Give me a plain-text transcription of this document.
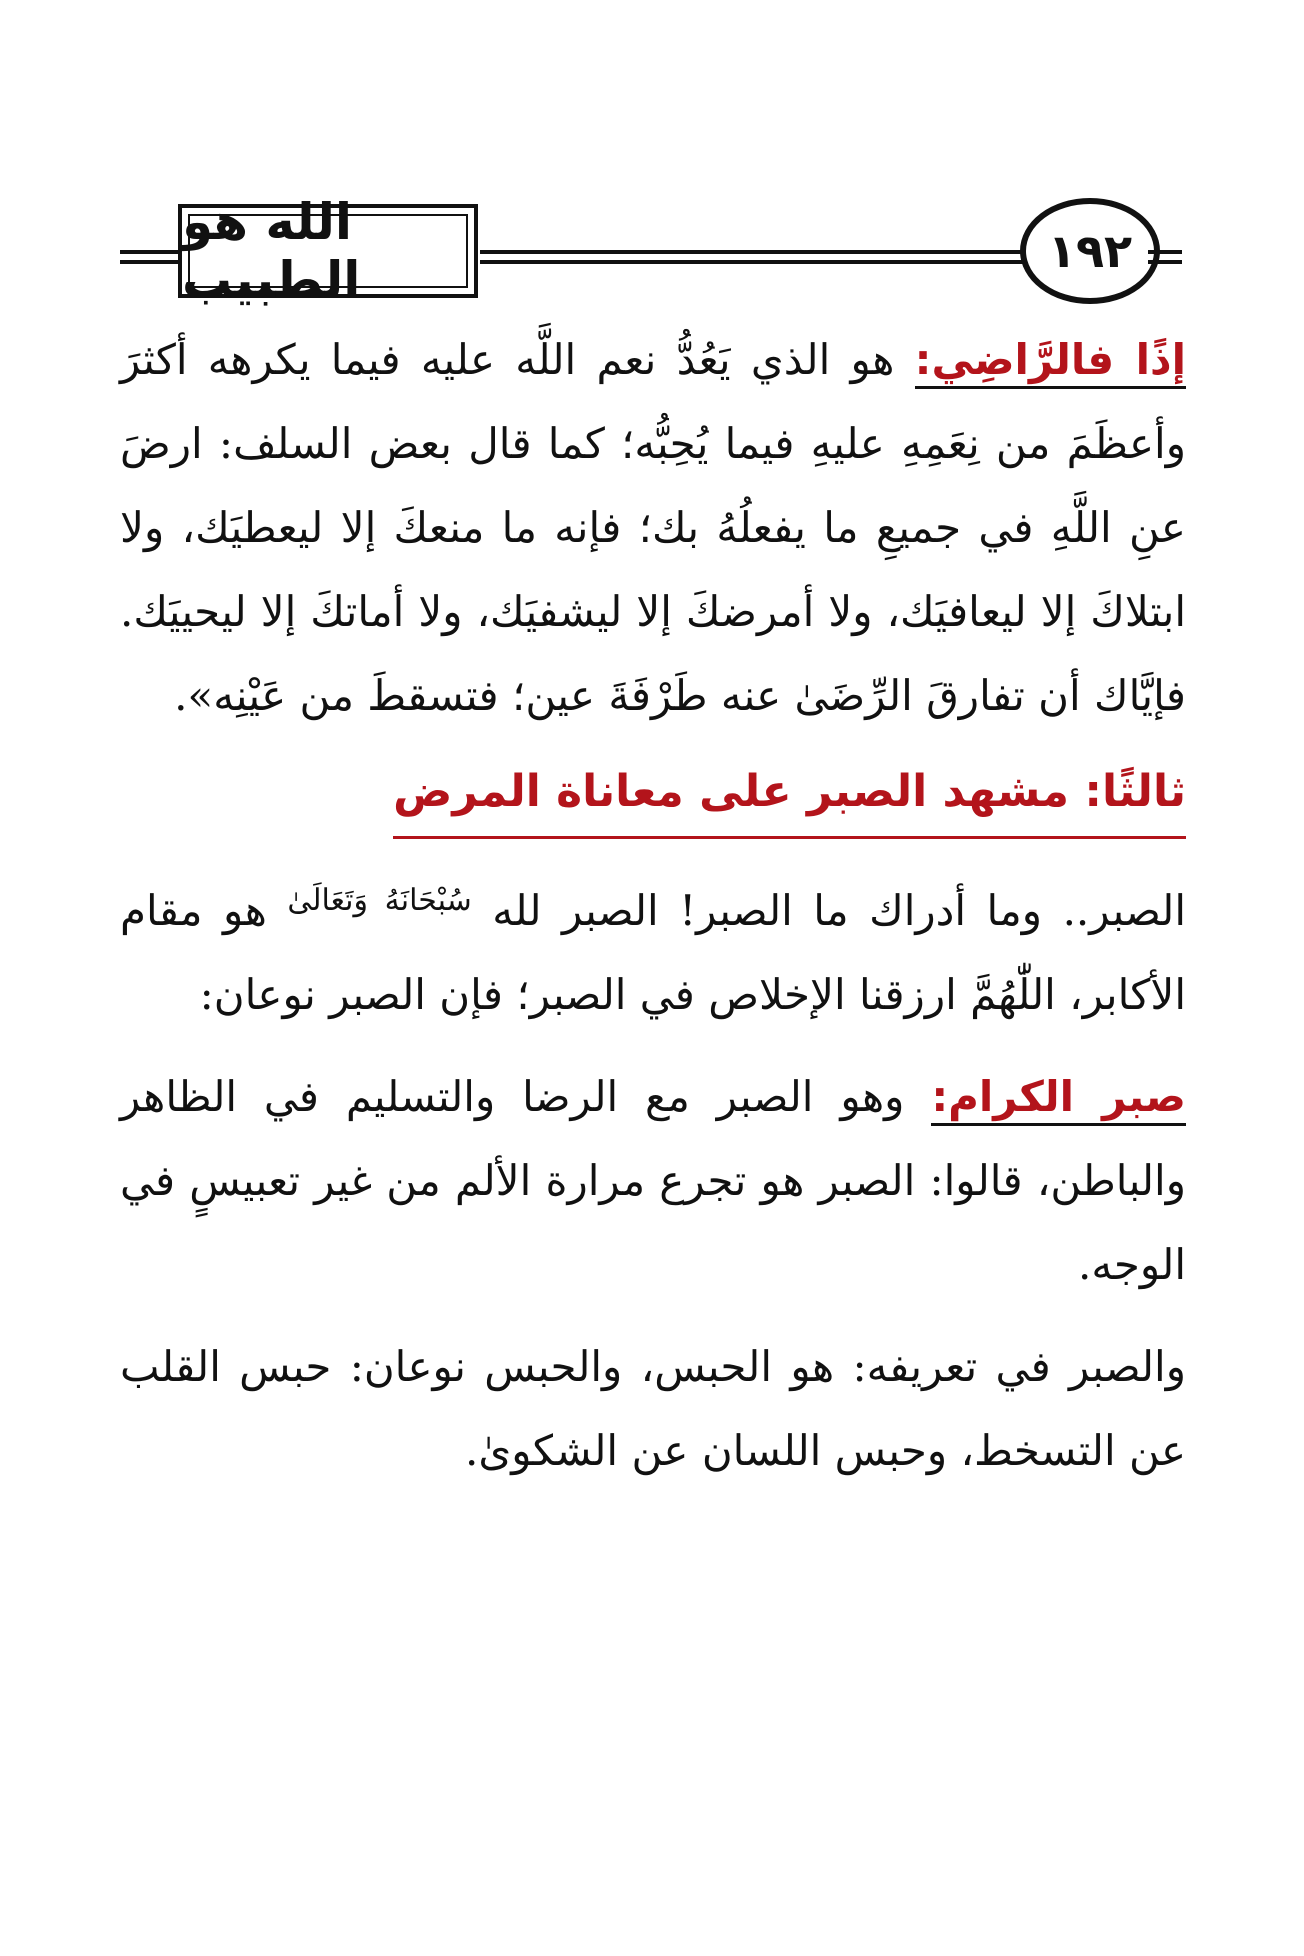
الله هو الطبيب	١٩٢

إذًا فالرَّاضِي: هو الذي يَعُدُّ نعم اللَّه عليه فيما يكرهه أكثرَ وأعظَمَ من نِعَمِهِ عليهِ فيما يُحِبُّه؛ كما قال بعض السلف: ارضَ عنِ اللَّهِ في جميعِ ما يفعلُهُ بك؛ فإنه ما منعكَ إلا ليعطيَك، ولا ابتلاكَ إلا ليعافيَك، ولا أمرضكَ إلا ليشفيَك، ولا أماتكَ إلا ليحييَك. فإيَّاك أن تفارقَ الرِّضَىٰ عنه طَرْفَةَ عين؛ فتسقطَ من عَيْنِه».

ثالثًا: مشهد الصبر على معاناة المرض

الصبر.. وما أدراك ما الصبر! الصبر لله $^{سُبْحَانَهُ وَتَعَالَىٰ}$ هو مقام الأكابر، اللّٰهُمَّ ارزقنا الإخلاص في الصبر؛ فإن الصبر نوعان:

صبر الكرام: وهو الصبر مع الرضا والتسليم في الظاهر والباطن، قالوا: الصبر هو تجرع مرارة الألم من غير تعبيسٍ في الوجه.

والصبر في تعريفه: هو الحبس، والحبس نوعان: حبس القلب عن التسخط، وحبس اللسان عن الشكوىٰ.
